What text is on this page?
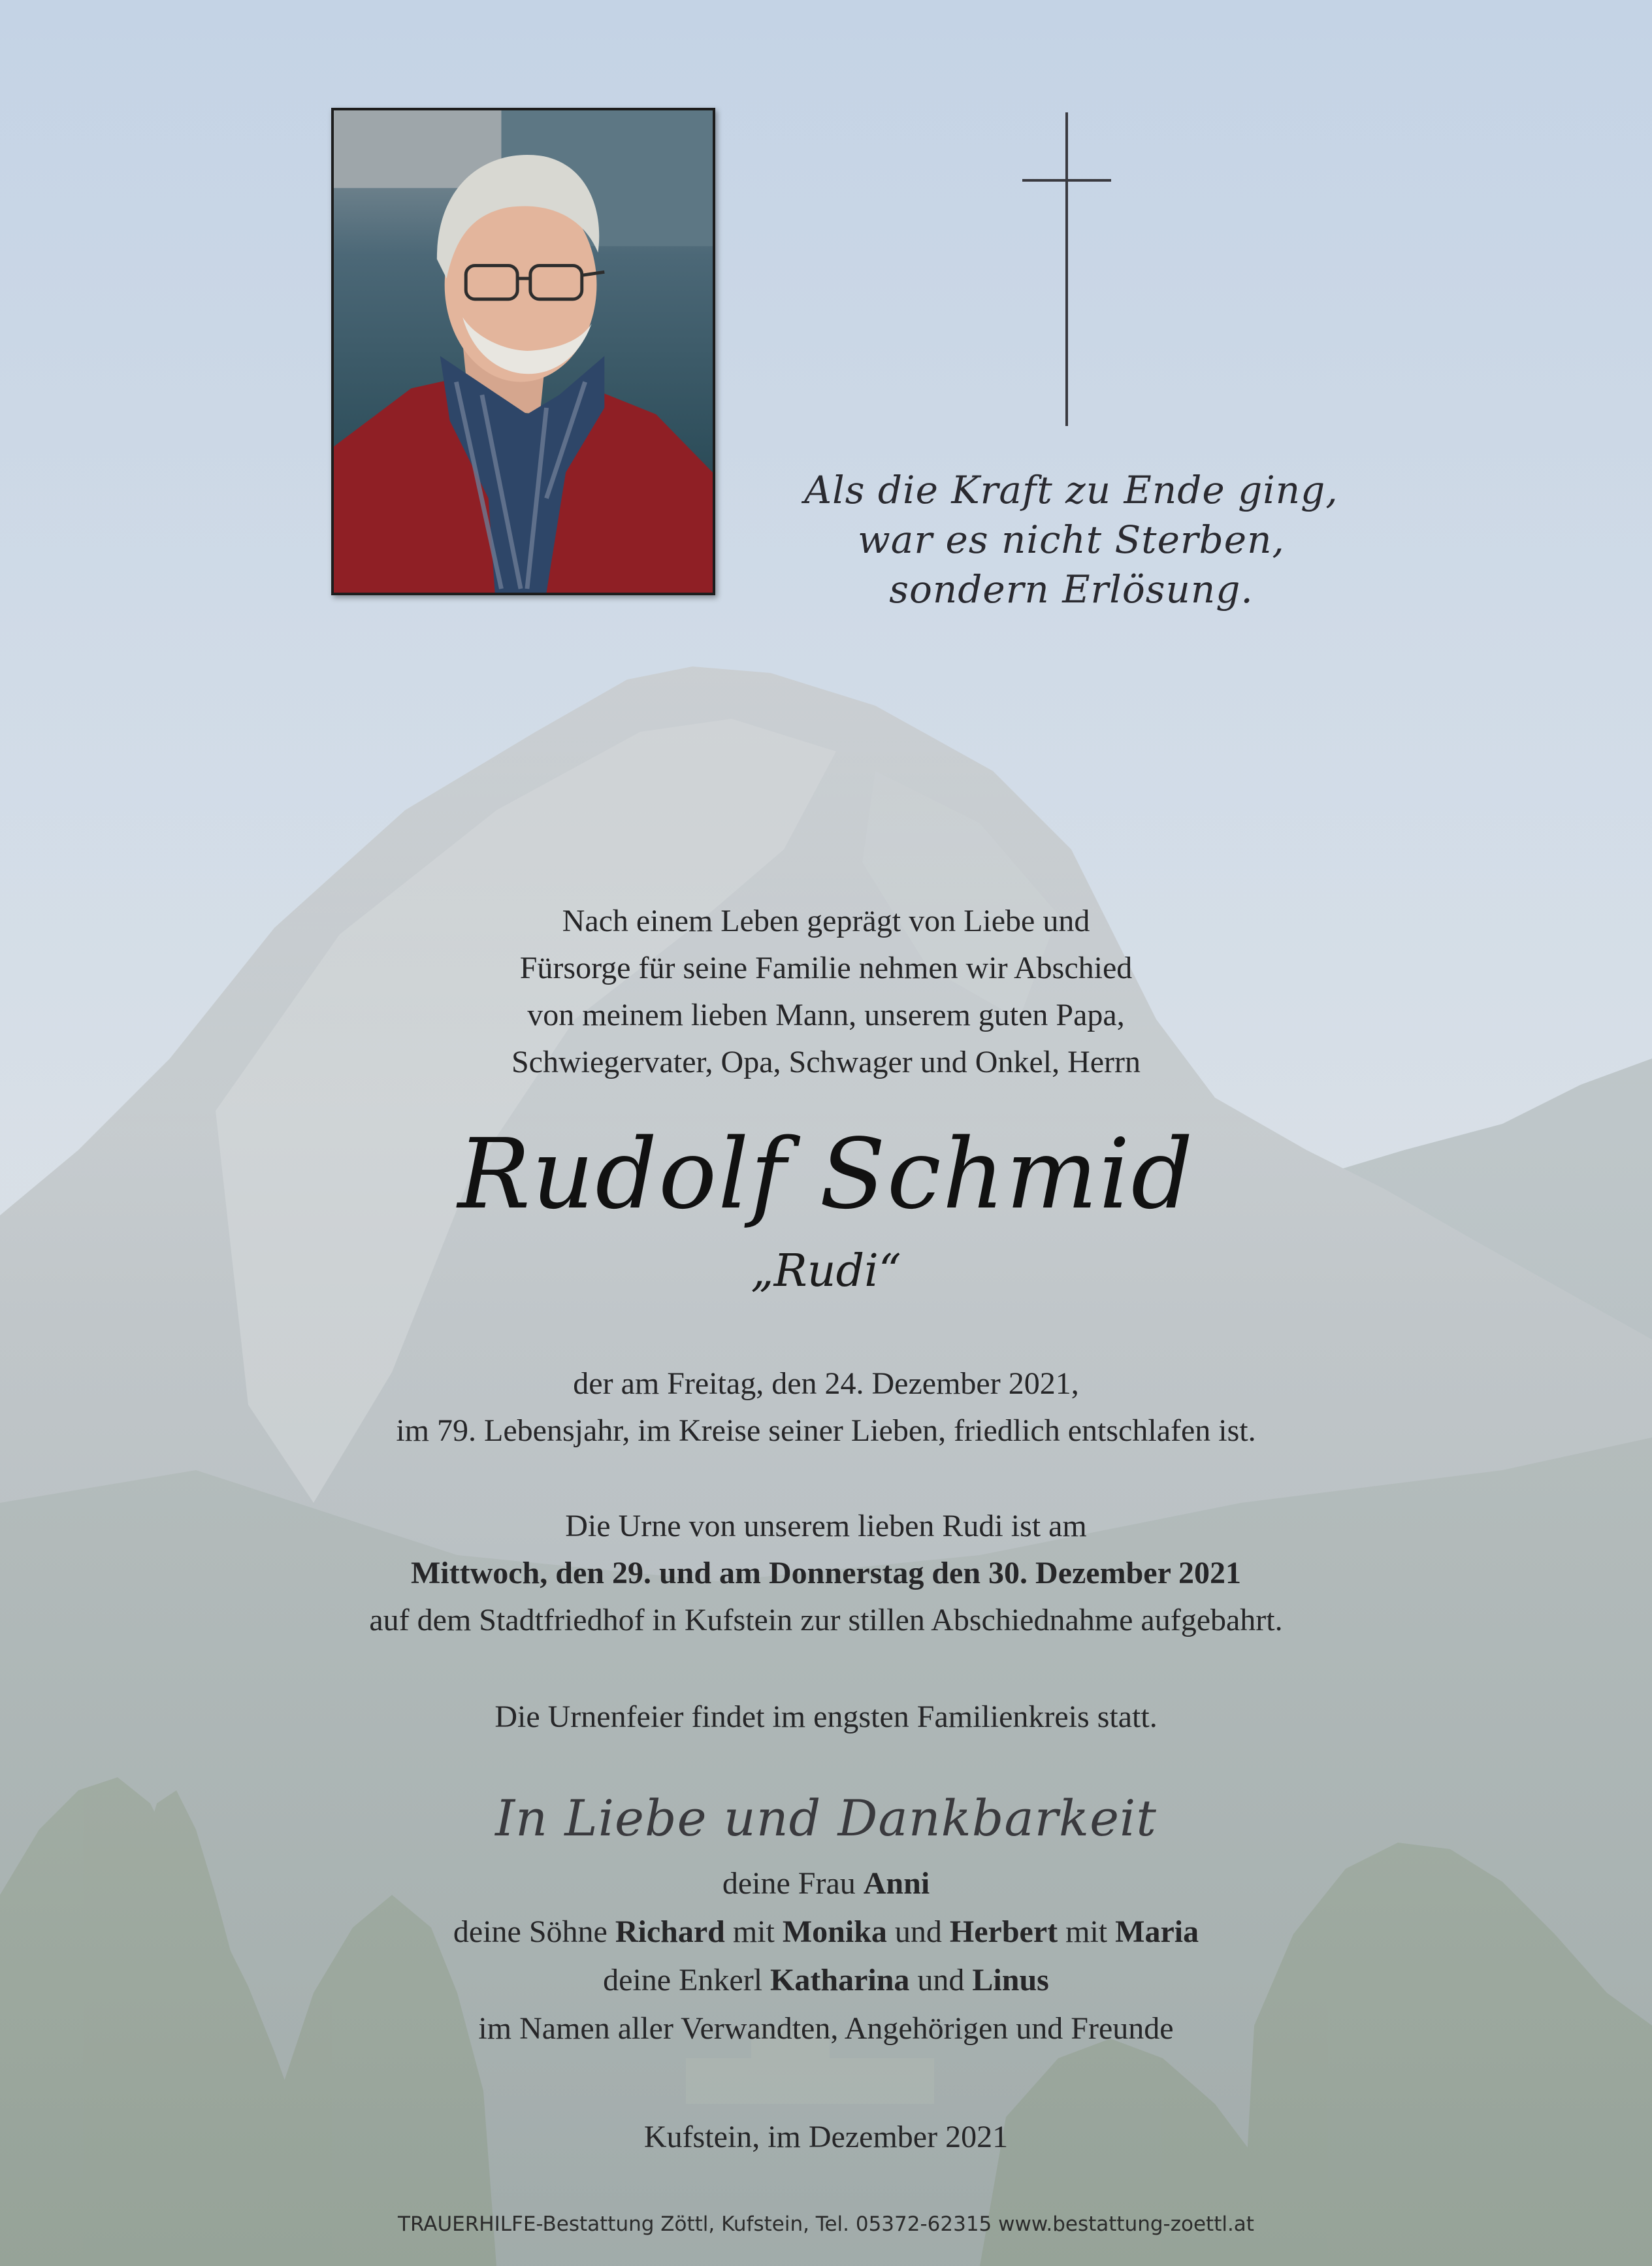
Als die Kraft zu Ende ging,
war es nicht Sterben,
sondern Erlösung.
Nach einem Leben geprägt von Liebe und
Fürsorge für seine Familie nehmen wir Abschied
von meinem lieben Mann, unserem guten Papa,
Schwiegervater, Opa, Schwager und Onkel, Herrn
Rudolf Schmid
„Rudi“
der am Freitag, den 24. Dezember 2021,
im 79. Lebensjahr, im Kreise seiner Lieben, friedlich entschlafen ist.
Die Urne von unserem lieben Rudi ist am
Mittwoch, den 29. und am Donnerstag den 30. Dezember 2021
auf dem Stadtfriedhof in Kufstein zur stillen Abschiednahme aufgebahrt.
Die Urnenfeier findet im engsten Familienkreis statt.
In Liebe und Dankbarkeit
deine Frau Anni
deine Söhne Richard mit Monika und Herbert mit Maria
deine Enkerl Katharina und Linus
im Namen aller Verwandten, Angehörigen und Freunde
Kufstein, im Dezember 2021
TRAUERHILFE-Bestattung Zöttl, Kufstein, Tel. 05372-62315 www.bestattung-zoettl.at
